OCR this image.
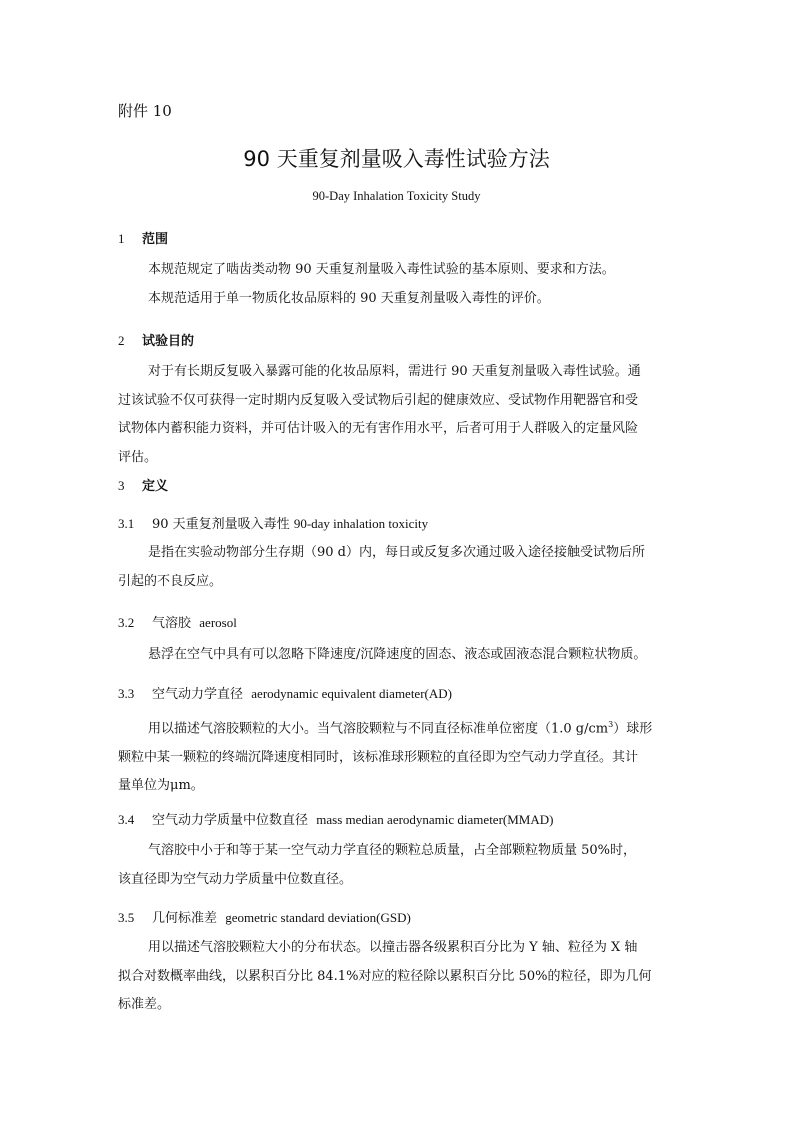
附件 10
90 天重复剂量吸入毒性试验方法
90-Day Inhalation Toxicity Study
1 范围
本规范规定了啮齿类动物 90 天重复剂量吸入毒性试验的基本原则、要求和方法。
本规范适用于单一物质化妆品原料的 90 天重复剂量吸入毒性的评价。
2 试验目的
对于有长期反复吸入暴露可能的化妆品原料，需进行 90 天重复剂量吸入毒性试验。通
过该试验不仅可获得一定时期内反复吸入受试物后引起的健康效应、受试物作用靶器官和受
试物体内蓄积能力资料，并可估计吸入的无有害作用水平，后者可用于人群吸入的定量风险
评估。
3 定义
3.1 90 天重复剂量吸入毒性 90-day inhalation toxicity
是指在实验动物部分生存期（90 d）内，每日或反复多次通过吸入途径接触受试物后所
引起的不良反应。
3.2 气溶胶 aerosol
悬浮在空气中具有可以忽略下降速度/沉降速度的固态、液态或固液态混合颗粒状物质。
3.3 空气动力学直径 aerodynamic equivalent diameter(AD)
用以描述气溶胶颗粒的大小。当气溶胶颗粒与不同直径标准单位密度（1.0 $g/cm^3$）球形
颗粒中某一颗粒的终端沉降速度相同时，该标准球形颗粒的直径即为空气动力学直径。其计
量单位为μm。
3.4 空气动力学质量中位数直径 mass median aerodynamic diameter(MMAD)
气溶胶中小于和等于某一空气动力学直径的颗粒总质量，占全部颗粒物质量 50%时，
该直径即为空气动力学质量中位数直径。
3.5 几何标准差 geometric standard deviation(GSD)
用以描述气溶胶颗粒大小的分布状态。以撞击器各级累积百分比为 Y 轴、粒径为 X 轴
拟合对数概率曲线，以累积百分比 84.1%对应的粒径除以累积百分比 50%的粒径，即为几何
标准差。
